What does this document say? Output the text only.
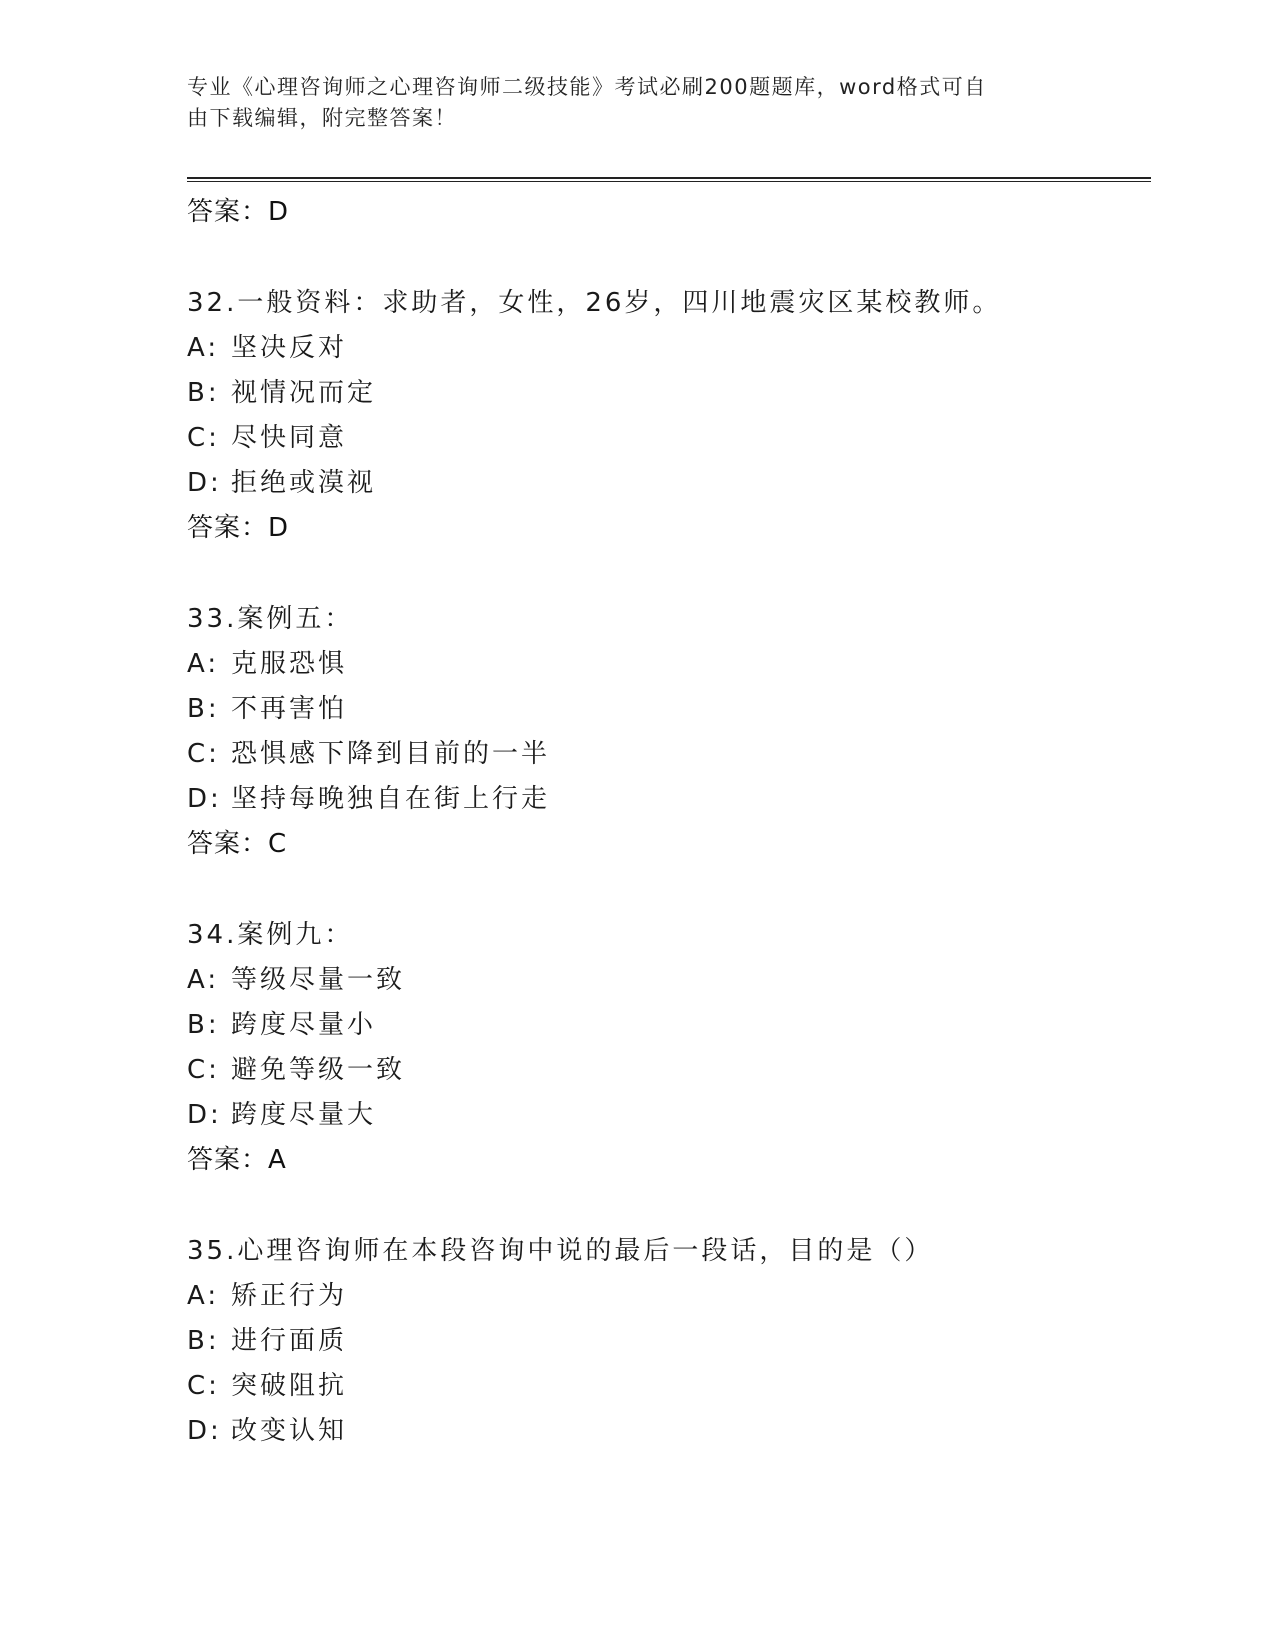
专业《心理咨询师之心理咨询师二级技能》考试必刷200题题库，word格式可自
由下载编辑，附完整答案！
答案：D
32.一般资料：求助者，女性，26岁，四川地震灾区某校教师。
A: 坚决反对
B: 视情况而定
C: 尽快同意
D: 拒绝或漠视
答案：D
33.案例五：
A: 克服恐惧
B: 不再害怕
C: 恐惧感下降到目前的一半
D: 坚持每晚独自在街上行走
答案：C
34.案例九：
A: 等级尽量一致
B: 跨度尽量小
C: 避免等级一致
D: 跨度尽量大
答案：A
35.心理咨询师在本段咨询中说的最后一段话，目的是（）
A: 矫正行为
B: 进行面质
C: 突破阻抗
D: 改变认知
